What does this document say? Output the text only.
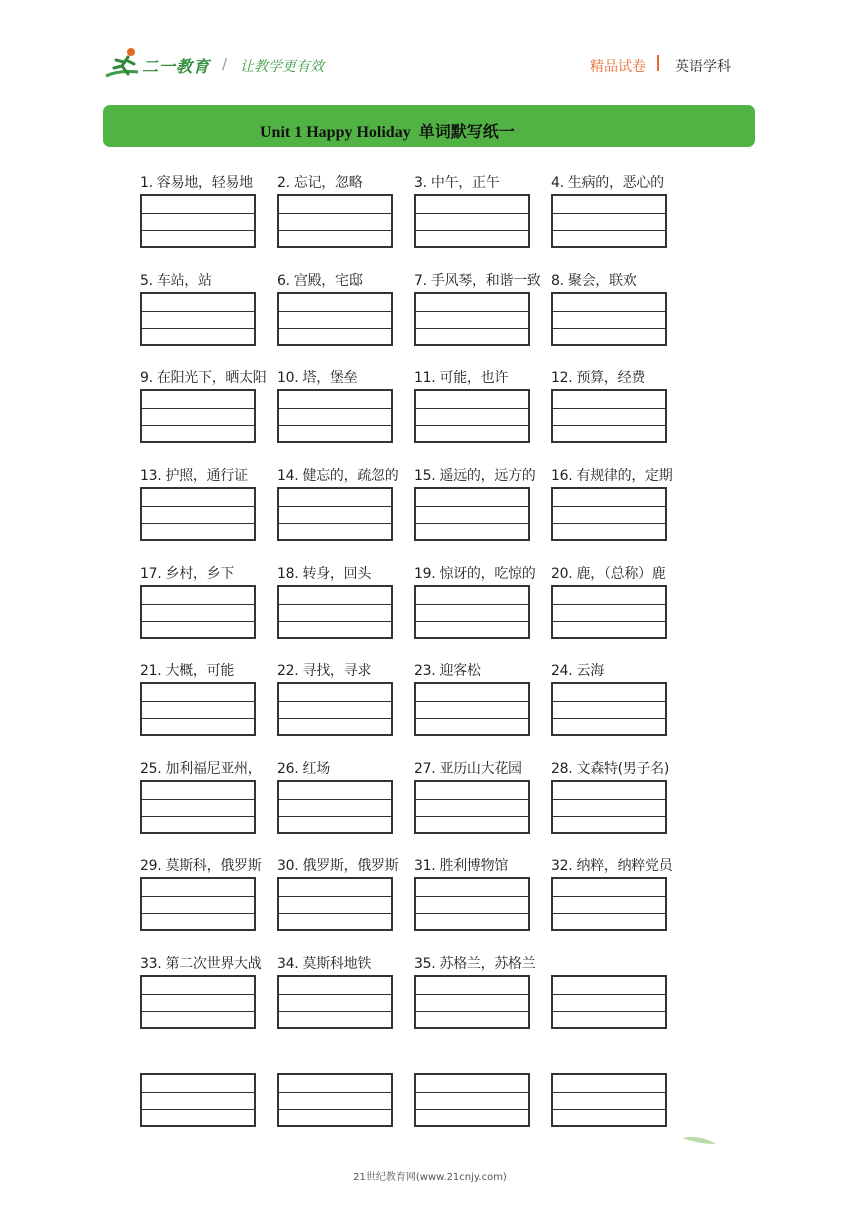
二一教育 / 让教学更有效	精品试卷 英语学科
Unit 1 Happy Holiday 单词默写纸一
1. 容易地，轻易地 2. 忘记，忽略	3. 中午，正午	4. 生病的，恶心的
5. 车站，站	6. 宫殿，宅邸	7. 手风琴，和谐一致 8. 聚会，联欢
9. 在阳光下，晒太阳 10. 塔，堡垒	11. 可能，也许	12. 预算，经费
13. 护照，通行证 14. 健忘的，疏忽的 15. 遥远的，远方的 16. 有规律的，定期
17. 乡村，乡下	18. 转身，回头	19. 惊讶的，吃惊的 20. 鹿，（总称）鹿
21. 大概，可能	22. 寻找，寻求	23. 迎客松	24. 云海
25. 加利福尼亚州， 26. 红场	27. 亚历山大花园 28. 文森特(男子名)
29. 莫斯科，俄罗斯 30. 俄罗斯，俄罗斯 31. 胜利博物馆	32. 纳粹，纳粹党员
33. 第二次世界大战 34. 莫斯科地铁	35. 苏格兰，苏格兰
21世纪教育网(www.21cnjy.com)
